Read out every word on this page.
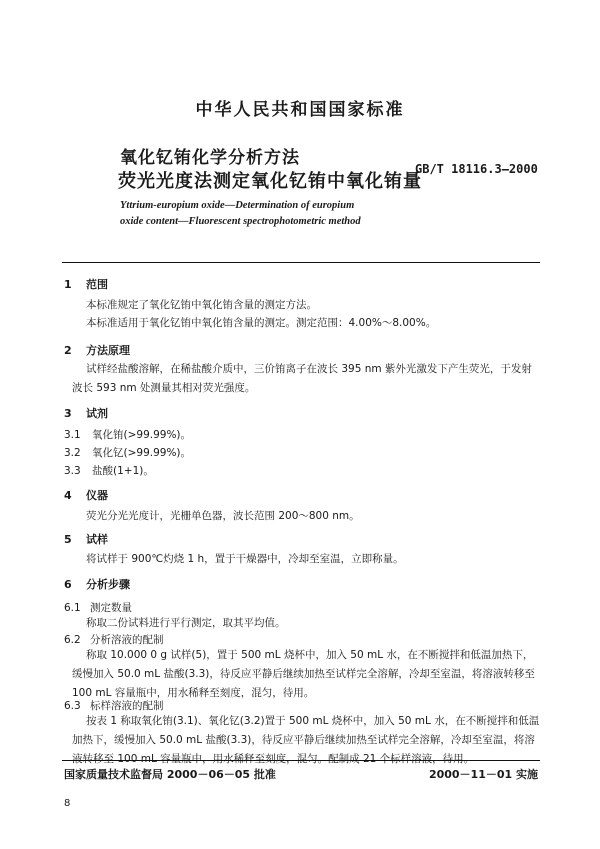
中华人民共和国国家标准
氧化钇铕化学分析方法
荧光光度法测定氧化钇铕中氧化铕量
GB/T 18116.3—2000
Yttrium-europium oxide—Determination of europium
oxide content—Fluorescent spectrophotometric method
1 范围
本标准规定了氧化钇铕中氧化铕含量的测定方法。
本标准适用于氧化钇铕中氧化铕含量的测定。测定范围：4.00%～8.00%。
2 方法原理
试样经盐酸溶解，在稀盐酸介质中，三价铕离子在波长 395 nm 紫外光激发下产生荧光，于发射波长 593 nm 处测量其相对荧光强度。
3 试剂
3.1 氧化铕(>99.99%)。
3.2 氧化钇(>99.99%)。
3.3 盐酸(1+1)。
4 仪器
荧光分光光度计，光栅单色器，波长范围 200～800 nm。
5 试样
将试样于 900℃灼烧 1 h，置于干燥器中，冷却至室温，立即称量。
6 分析步骤
6.1 测定数量
称取二份试料进行平行测定，取其平均值。
6.2 分析溶液的配制
称取 10.000 0 g 试样(5)，置于 500 mL 烧杯中，加入 50 mL 水，在不断搅拌和低温加热下，缓慢加入 50.0 mL 盐酸(3.3)，待反应平静后继续加热至试样完全溶解，冷却至室温，将溶液转移至 100 mL 容量瓶中，用水稀释至刻度，混匀，待用。
6.3 标样溶液的配制
按表 1 称取氧化铕(3.1)、氧化钇(3.2)置于 500 mL 烧杯中，加入 50 mL 水，在不断搅拌和低温加热下，缓慢加入 50.0 mL 盐酸(3.3)，待反应平静后继续加热至试样完全溶解，冷却至室温，将溶液转移至 100 mL 容量瓶中，用水稀释至刻度，混匀。配制成 21 个标样溶液，待用。
国家质量技术监督局 2000－06－05 批准	2000－11－01 实施
8
